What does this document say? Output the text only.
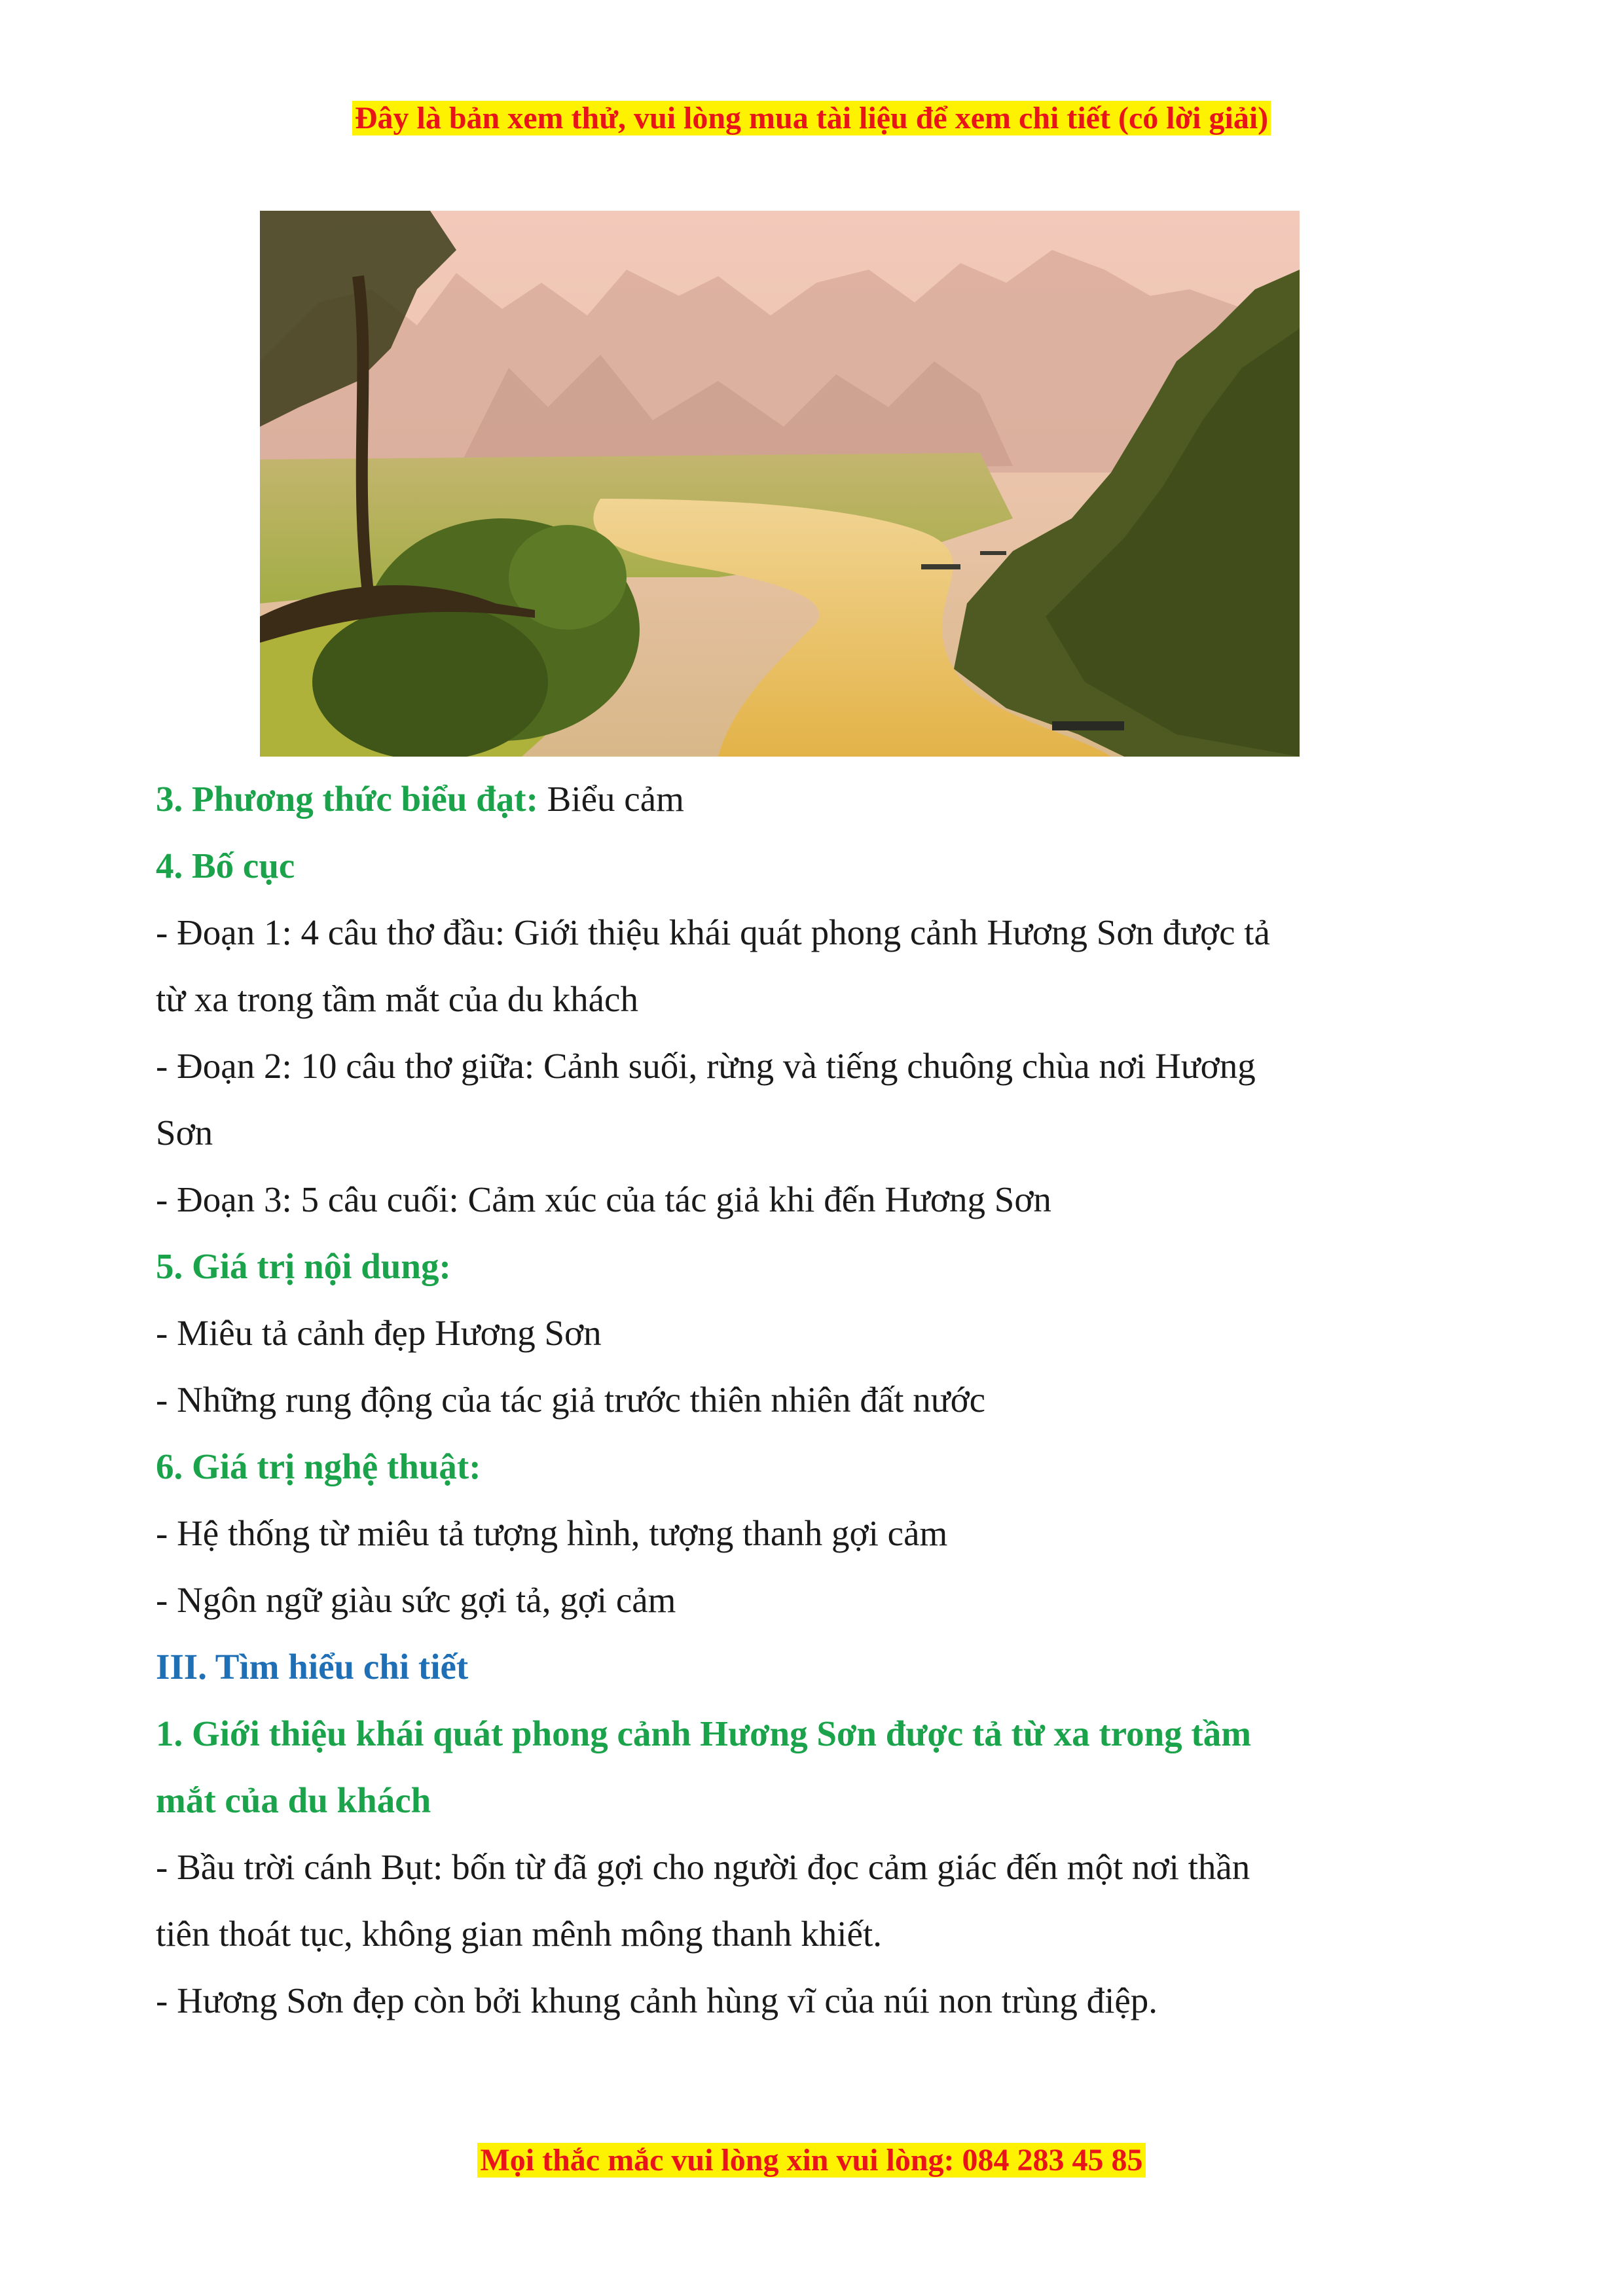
Đây là bản xem thử, vui lòng mua tài liệu để xem chi tiết (có lời giải)
3. Phương thức biểu đạt: Biểu cảm
4. Bố cục
- Đoạn 1: 4 câu thơ đầu: Giới thiệu khái quát phong cảnh Hương Sơn được tả
từ xa trong tầm mắt của du khách
- Đoạn 2: 10 câu thơ giữa: Cảnh suối, rừng và tiếng chuông chùa nơi Hương
Sơn
- Đoạn 3: 5 câu cuối: Cảm xúc của tác giả khi đến Hương Sơn
5. Giá trị nội dung:
- Miêu tả cảnh đẹp Hương Sơn
- Những rung động của tác giả trước thiên nhiên đất nước
6. Giá trị nghệ thuật:
- Hệ thống từ miêu tả tượng hình, tượng thanh gợi cảm
- Ngôn ngữ giàu sức gợi tả, gợi cảm
III. Tìm hiểu chi tiết
1. Giới thiệu khái quát phong cảnh Hương Sơn được tả từ xa trong tầm
mắt của du khách
- Bầu trời cánh Bụt: bốn từ đã gợi cho người đọc cảm giác đến một nơi thần
tiên thoát tục, không gian mênh mông thanh khiết.
- Hương Sơn đẹp còn bởi khung cảnh hùng vĩ của núi non trùng điệp.
Mọi thắc mắc vui lòng xin vui lòng: 084 283 45 85
